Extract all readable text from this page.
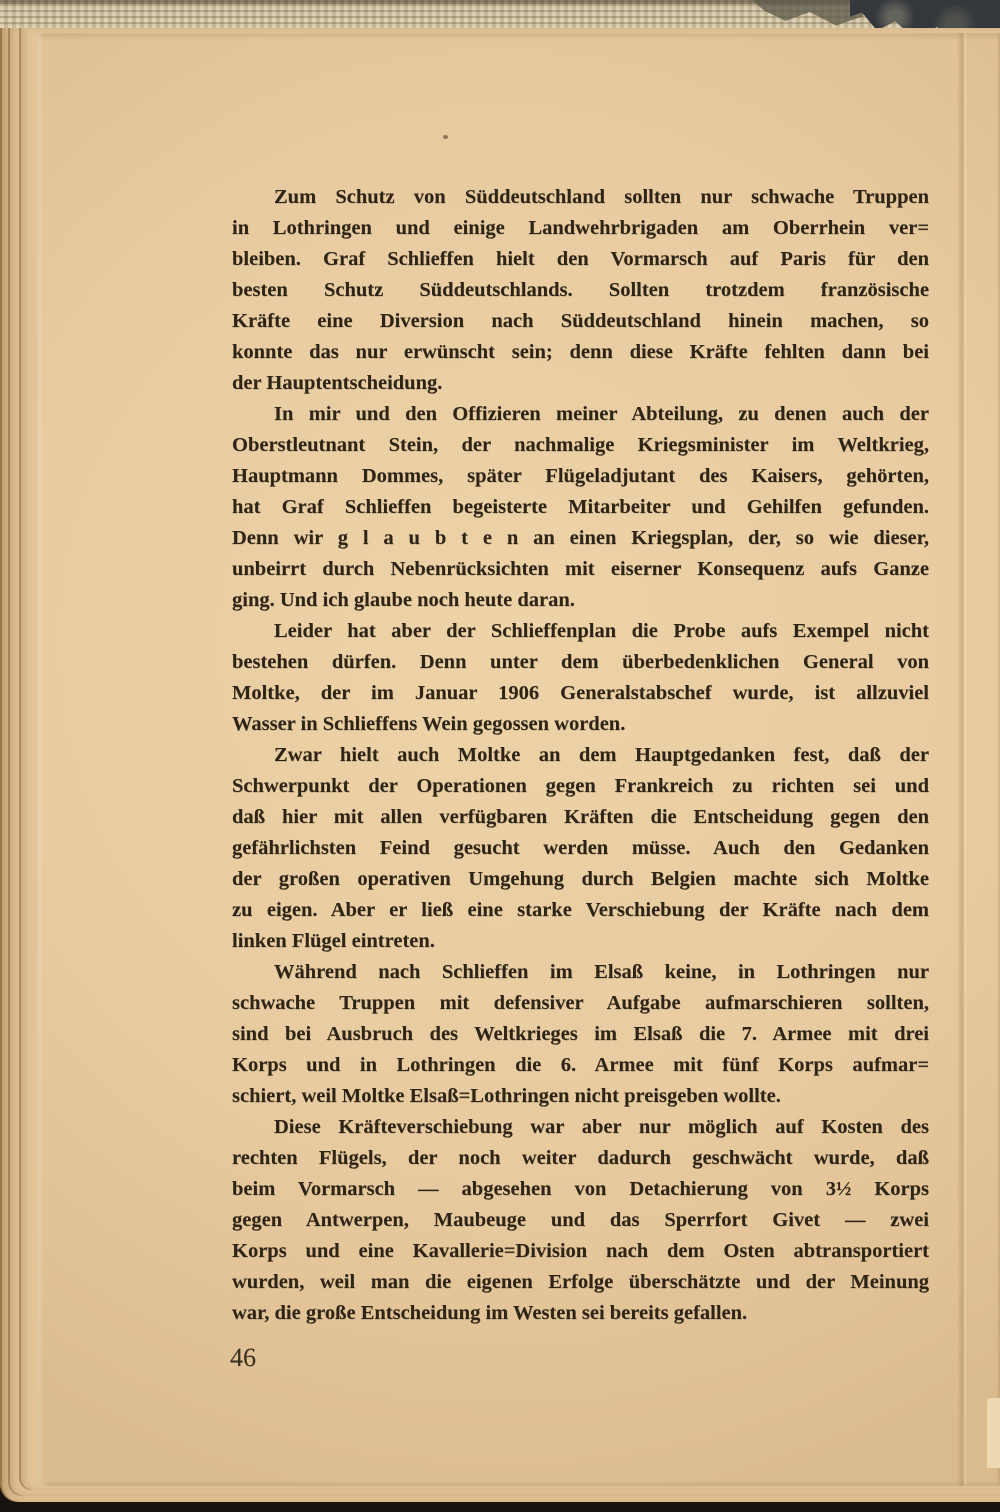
Zum Schutz von Süddeutschland sollten nur schwache Truppen
in Lothringen und einige Landwehrbrigaden am Oberrhein ver=
bleiben. Graf Schlieffen hielt den Vormarsch auf Paris für den
besten Schutz Süddeutschlands. Sollten trotzdem französische
Kräfte eine Diversion nach Süddeutschland hinein machen, so
konnte das nur erwünscht sein; denn diese Kräfte fehlten dann bei
der Hauptentscheidung.
In mir und den Offizieren meiner Abteilung, zu denen auch der
Oberstleutnant Stein, der nachmalige Kriegsminister im Weltkrieg,
Hauptmann Dommes, später Flügeladjutant des Kaisers, gehörten,
hat Graf Schlieffen begeisterte Mitarbeiter und Gehilfen gefunden.
Denn wir g l a u b t e n an einen Kriegsplan, der, so wie dieser,
unbeirrt durch Nebenrücksichten mit eiserner Konsequenz aufs Ganze
ging. Und ich glaube noch heute daran.
Leider hat aber der Schlieffenplan die Probe aufs Exempel nicht
bestehen dürfen. Denn unter dem überbedenklichen General von
Moltke, der im Januar 1906 Generalstabschef wurde, ist allzuviel
Wasser in Schlieffens Wein gegossen worden.
Zwar hielt auch Moltke an dem Hauptgedanken fest, daß der
Schwerpunkt der Operationen gegen Frankreich zu richten sei und
daß hier mit allen verfügbaren Kräften die Entscheidung gegen den
gefährlichsten Feind gesucht werden müsse. Auch den Gedanken
der großen operativen Umgehung durch Belgien machte sich Moltke
zu eigen. Aber er ließ eine starke Verschiebung der Kräfte nach dem
linken Flügel eintreten.
Während nach Schlieffen im Elsaß keine, in Lothringen nur
schwache Truppen mit defensiver Aufgabe aufmarschieren sollten,
sind bei Ausbruch des Weltkrieges im Elsaß die 7. Armee mit drei
Korps und in Lothringen die 6. Armee mit fünf Korps aufmar=
schiert, weil Moltke Elsaß=Lothringen nicht preisgeben wollte.
Diese Kräfteverschiebung war aber nur möglich auf Kosten des
rechten Flügels, der noch weiter dadurch geschwächt wurde, daß
beim Vormarsch — abgesehen von Detachierung von 3½ Korps
gegen Antwerpen, Maubeuge und das Sperrfort Givet — zwei
Korps und eine Kavallerie=Division nach dem Osten abtransportiert
wurden, weil man die eigenen Erfolge überschätzte und der Meinung
war, die große Entscheidung im Westen sei bereits gefallen.
46
